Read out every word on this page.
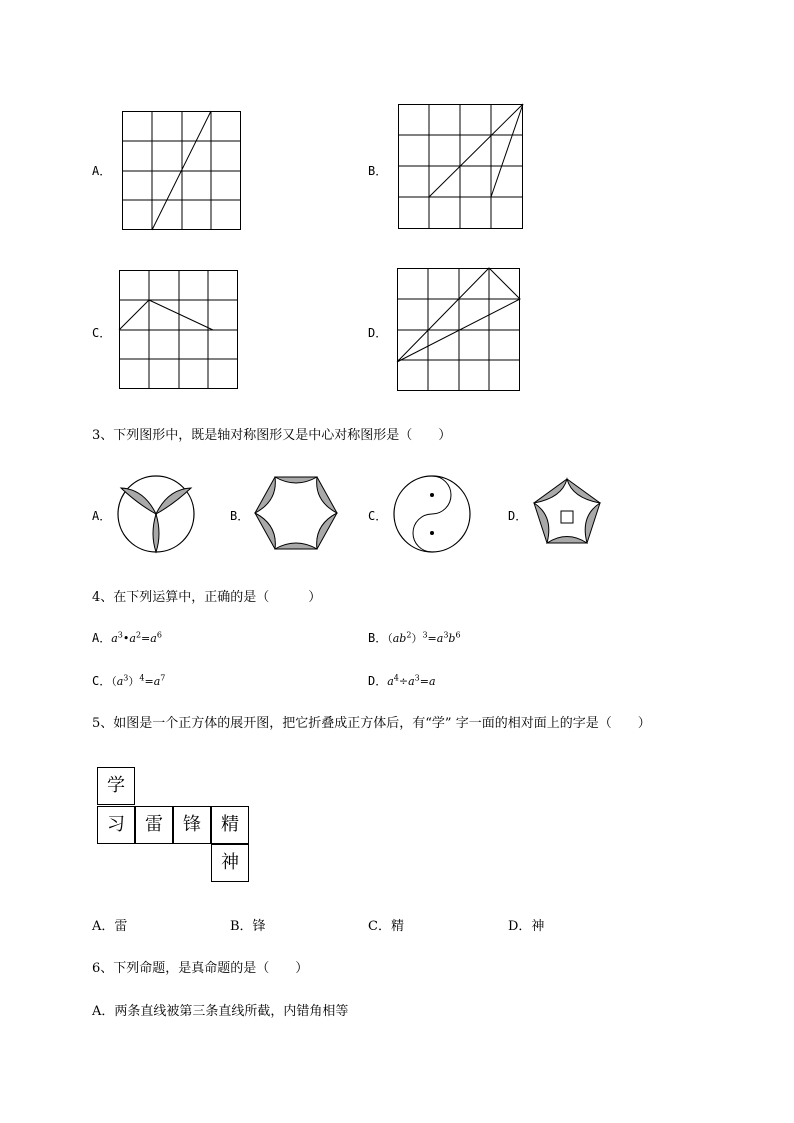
A．	B．
C．	D．
3、下列图形中，既是轴对称图形又是中心对称图形是（　　）
A．	B．	C．	D．
4、在下列运算中，正确的是（　　　）
A．$a^3•a^2=a^6$	B．$(ab^2)^3=a^3b^6$
C．$(a^3)^4=a^7$	D．$a^4\div a^3=a$
5、如图是一个正方体的展开图，把它折叠成正方体后，有“学” 字一面的相对面上的字是（　　）
学
习	雷	锋	精
神
A．雷	B．锋	C．精	D．神
6、下列命题，是真命题的是（　　）
A．两条直线被第三条直线所截，内错角相等
